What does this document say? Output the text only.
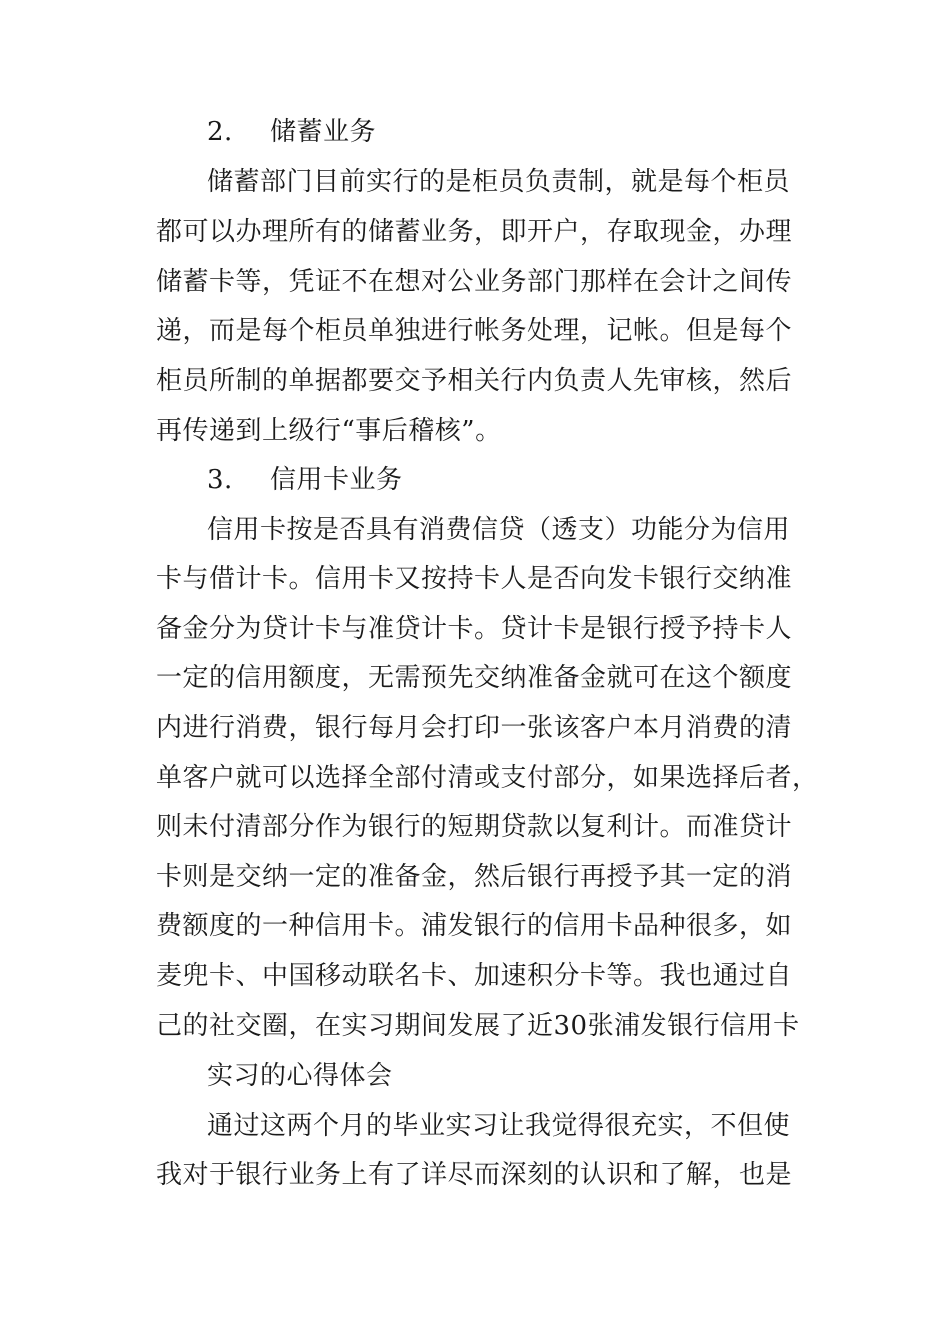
2. 储蓄业务
储蓄部门目前实行的是柜员负责制，就是每个柜员
都可以办理所有的储蓄业务，即开户，存取现金，办理
储蓄卡等，凭证不在想对公业务部门那样在会计之间传
递，而是每个柜员单独进行帐务处理，记帐。但是每个
柜员所制的单据都要交予相关行内负责人先审核，然后
再传递到上级行“事后稽核”。
3. 信用卡业务
信用卡按是否具有消费信贷（透支）功能分为信用
卡与借计卡。信用卡又按持卡人是否向发卡银行交纳准
备金分为贷计卡与准贷计卡。贷计卡是银行授予持卡人
一定的信用额度，无需预先交纳准备金就可在这个额度
内进行消费，银行每月会打印一张该客户本月消费的清
单客户就可以选择全部付清或支付部分，如果选择后者，
则未付清部分作为银行的短期贷款以复利计。而准贷计
卡则是交纳一定的准备金，然后银行再授予其一定的消
费额度的一种信用卡。浦发银行的信用卡品种很多，如
麦兜卡、中国移动联名卡、加速积分卡等。我也通过自
己的社交圈，在实习期间发展了近30张浦发银行信用卡
实习的心得体会
通过这两个月的毕业实习让我觉得很充实，不但使
我对于银行业务上有了详尽而深刻的认识和了解，也是
